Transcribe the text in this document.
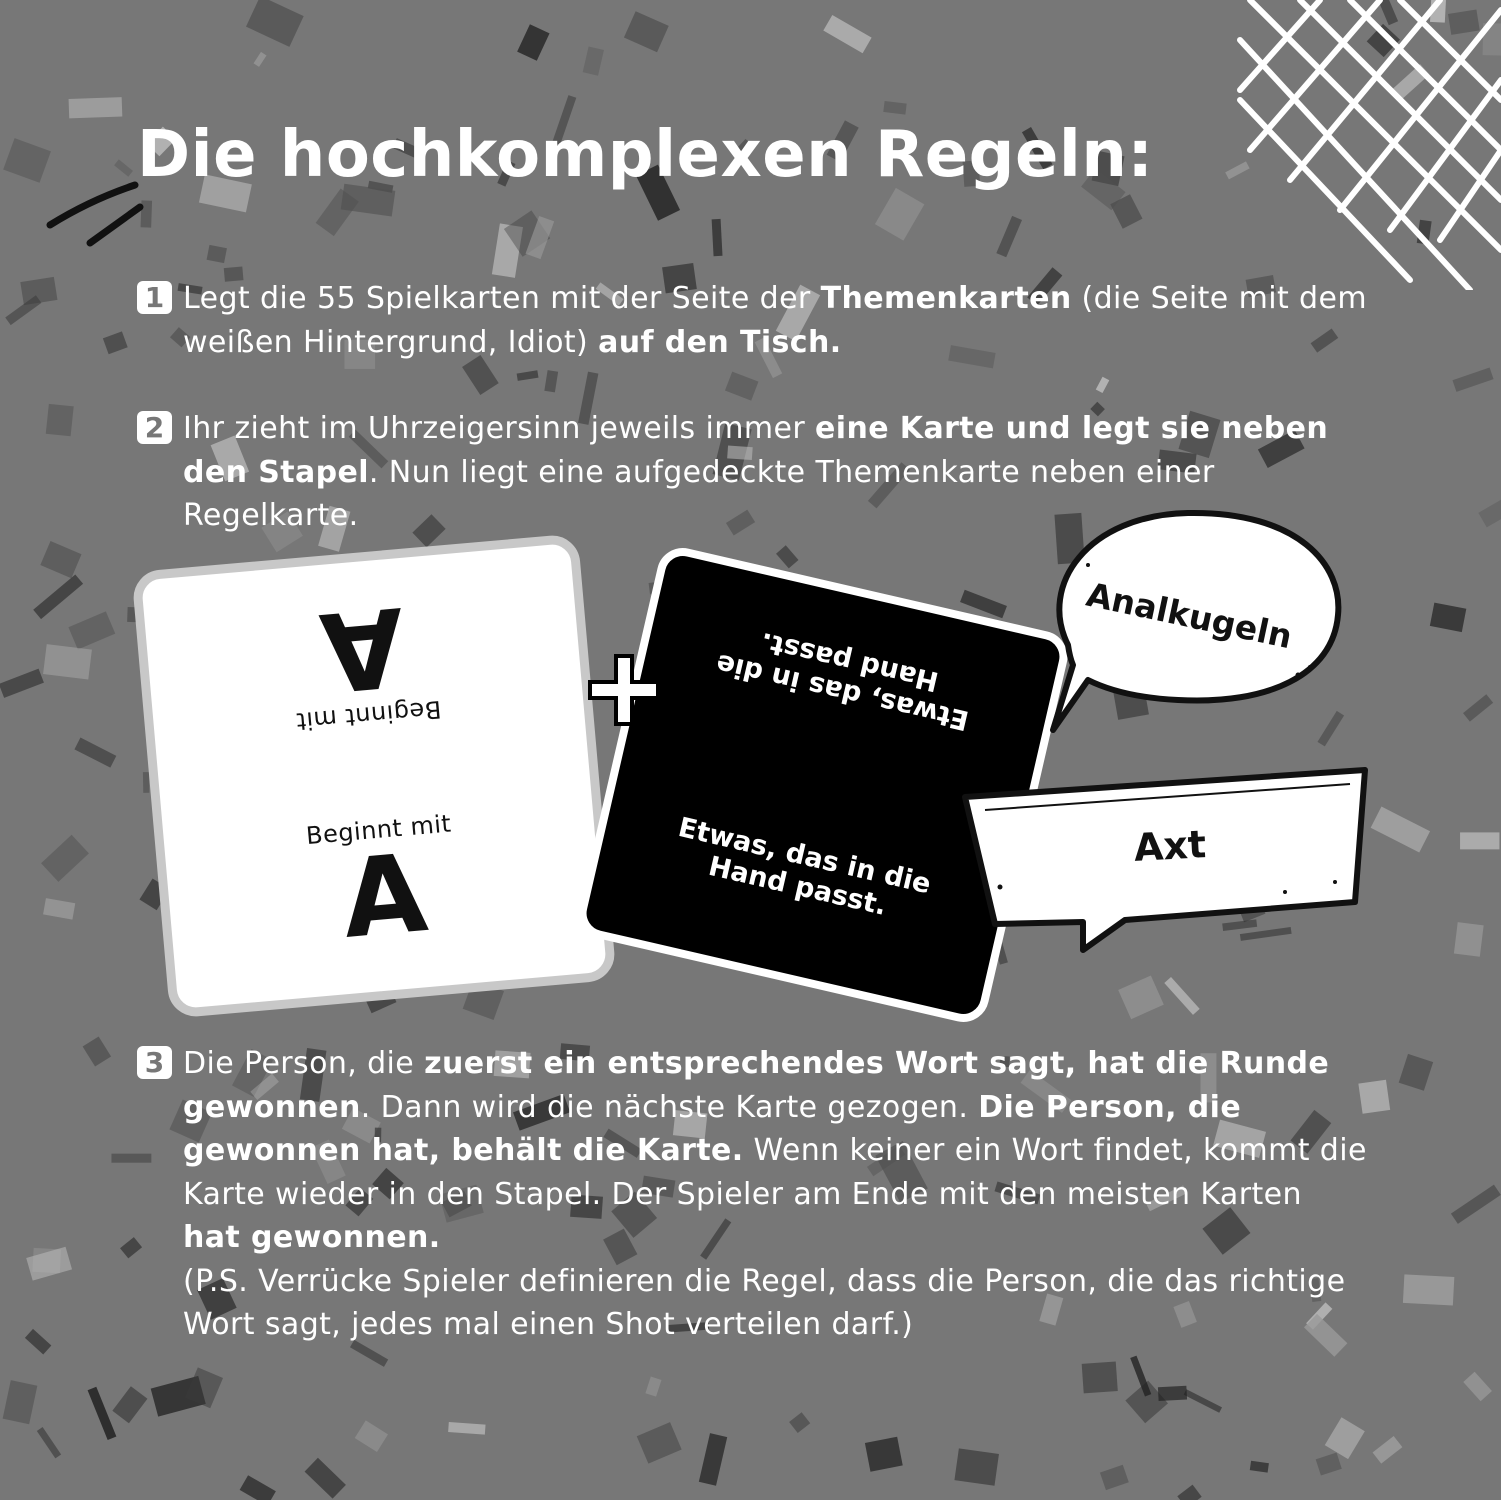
Die hochkomplexen Regeln:
1 Legt die 55 Spielkarten mit der Seite der Themenkarten (die Seite mit dem weißen Hintergrund, Idiot) auf den Tisch.
2 Ihr zieht im Uhrzeigersinn jeweils immer eine Karte und legt sie neben den Stapel. Nun liegt eine aufgedeckte Themenkarte neben einer Regelkarte.
Beginnt mit
A
Beginnt mit
A
Etwas, das in die Hand passt.
Etwas, das in die Hand passt.
Analkugeln
Axt
3 Die Person, die zuerst ein entsprechendes Wort sagt, hat die Runde gewonnen. Dann wird die nächste Karte gezogen. Die Person, die gewonnen hat, behält die Karte. Wenn keiner ein Wort findet, kommt die Karte wieder in den Stapel. Der Spieler am Ende mit den meisten Karten hat gewonnen.
(P.S. Verrücke Spieler definieren die Regel, dass die Person, die das richtige Wort sagt, jedes mal einen Shot verteilen darf.)
